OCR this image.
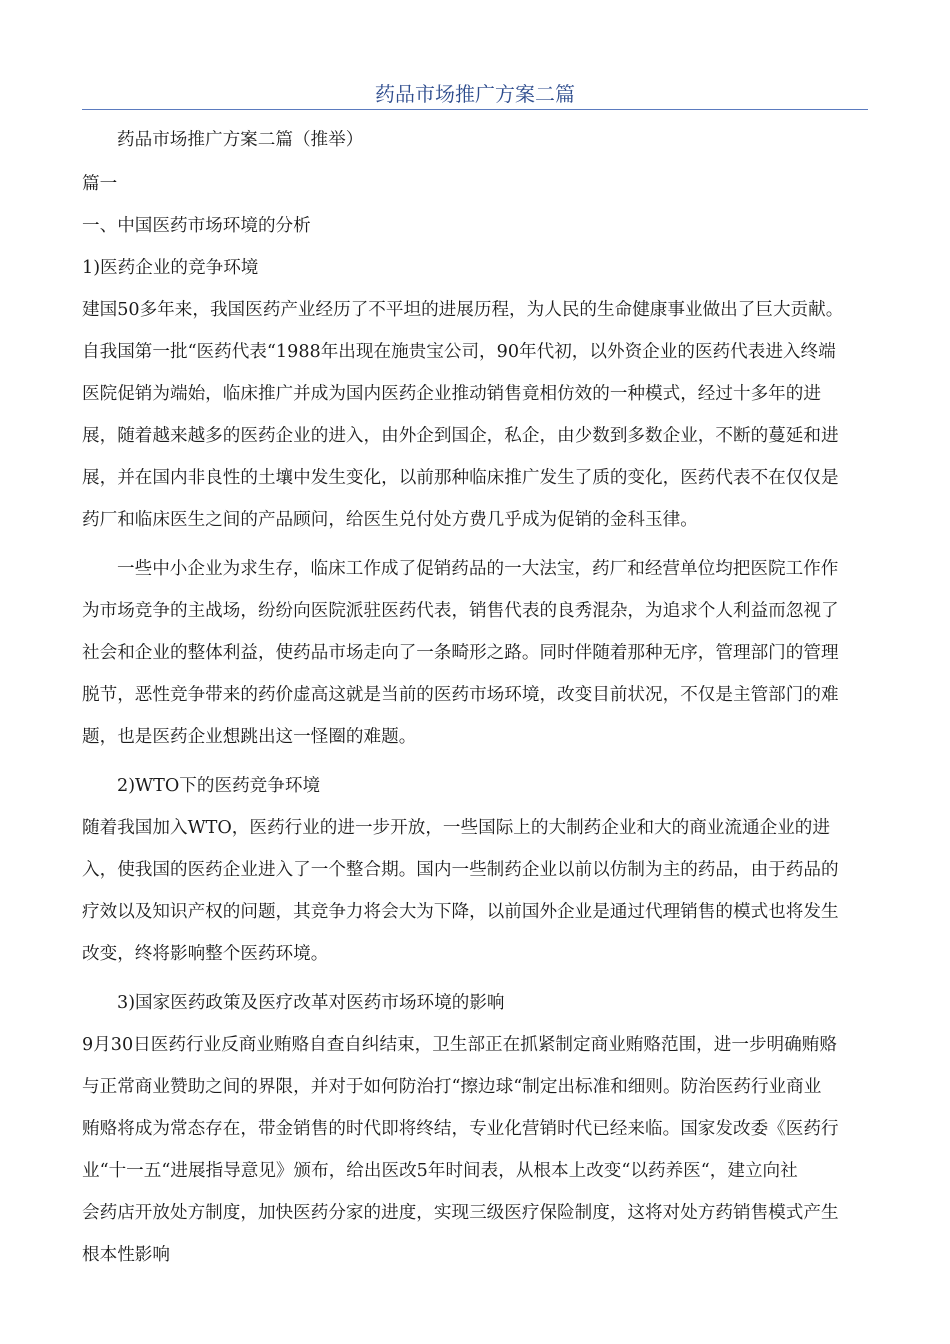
药品市场推广方案二篇
药品市场推广方案二篇（推举）
篇一
一、中国医药市场环境的分析
1)医药企业的竞争环境
建国50多年来，我国医药产业经历了不平坦的进展历程，为人民的生命健康事业做出了巨大贡献。
自我国第一批“医药代表“1988年出现在施贵宝公司，90年代初，以外资企业的医药代表进入终端
医院促销为端始，临床推广并成为国内医药企业推动销售竟相仿效的一种模式，经过十多年的进
展，随着越来越多的医药企业的进入，由外企到国企，私企，由少数到多数企业，不断的蔓延和进
展，并在国内非良性的土壤中发生变化，以前那种临床推广发生了质的变化，医药代表不在仅仅是
药厂和临床医生之间的产品顾问，给医生兑付处方费几乎成为促销的金科玉律。
一些中小企业为求生存，临床工作成了促销药品的一大法宝，药厂和经营单位均把医院工作作
为市场竞争的主战场，纷纷向医院派驻医药代表，销售代表的良秀混杂，为追求个人利益而忽视了
社会和企业的整体利益，使药品市场走向了一条畸形之路。同时伴随着那种无序，管理部门的管理
脱节，恶性竞争带来的药价虚高这就是当前的医药市场环境，改变目前状况，不仅是主管部门的难
题，也是医药企业想跳出这一怪圈的难题。
2)WTO下的医药竞争环境
随着我国加入WTO，医药行业的进一步开放，一些国际上的大制药企业和大的商业流通企业的进
入，使我国的医药企业进入了一个整合期。国内一些制药企业以前以仿制为主的药品，由于药品的
疗效以及知识产权的问题，其竞争力将会大为下降，以前国外企业是通过代理销售的模式也将发生
改变，终将影响整个医药环境。
3)国家医药政策及医疗改革对医药市场环境的影响
9月30日医药行业反商业贿赂自查自纠结束，卫生部正在抓紧制定商业贿赂范围，进一步明确贿赂
与正常商业赞助之间的界限，并对于如何防治打“擦边球“制定出标准和细则。防治医药行业商业
贿赂将成为常态存在，带金销售的时代即将终结，专业化营销时代已经来临。国家发改委《医药行
业“十一五“进展指导意见》颁布，给出医改5年时间表，从根本上改变“以药养医“，建立向社
会药店开放处方制度，加快医药分家的进度，实现三级医疗保险制度，这将对处方药销售模式产生
根本性影响
